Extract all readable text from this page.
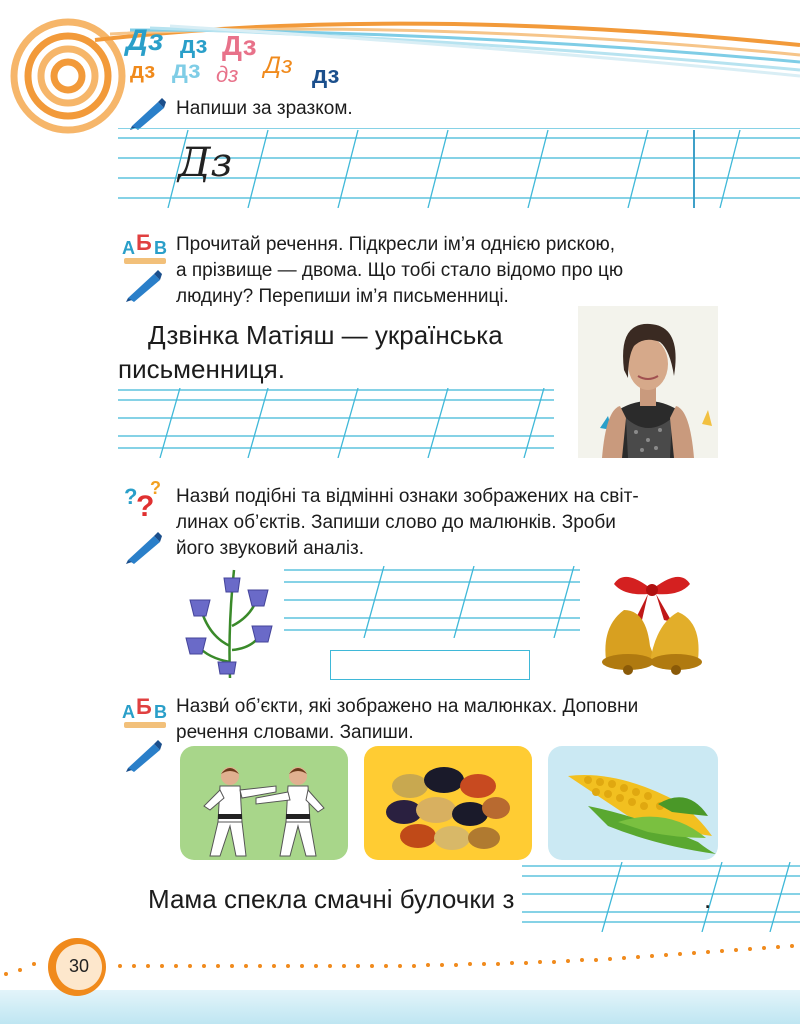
Дз дз Дз
дз дз дз Дз дз
Напиши за зразком.
Дз
А Б В Прочитай речення. Підкресли ім’я однією рискою,
а прізвище — двома. Що тобі стало відомо про цю
людину? Перепиши ім’я письменниці.
Дзвінка Матіяш — українська
письменниця.
?
?
? Назви́ подібні та відмінні ознаки зображених на світ-
линах об’єктів. Запиши слово до малюнків. Зроби
його звуковий аналіз.
А Б В Назви́ об’єкти, які зображено на малюнках. Доповни
речення словами. Запиши.
Мама спекла смачні булочки з	.
30
